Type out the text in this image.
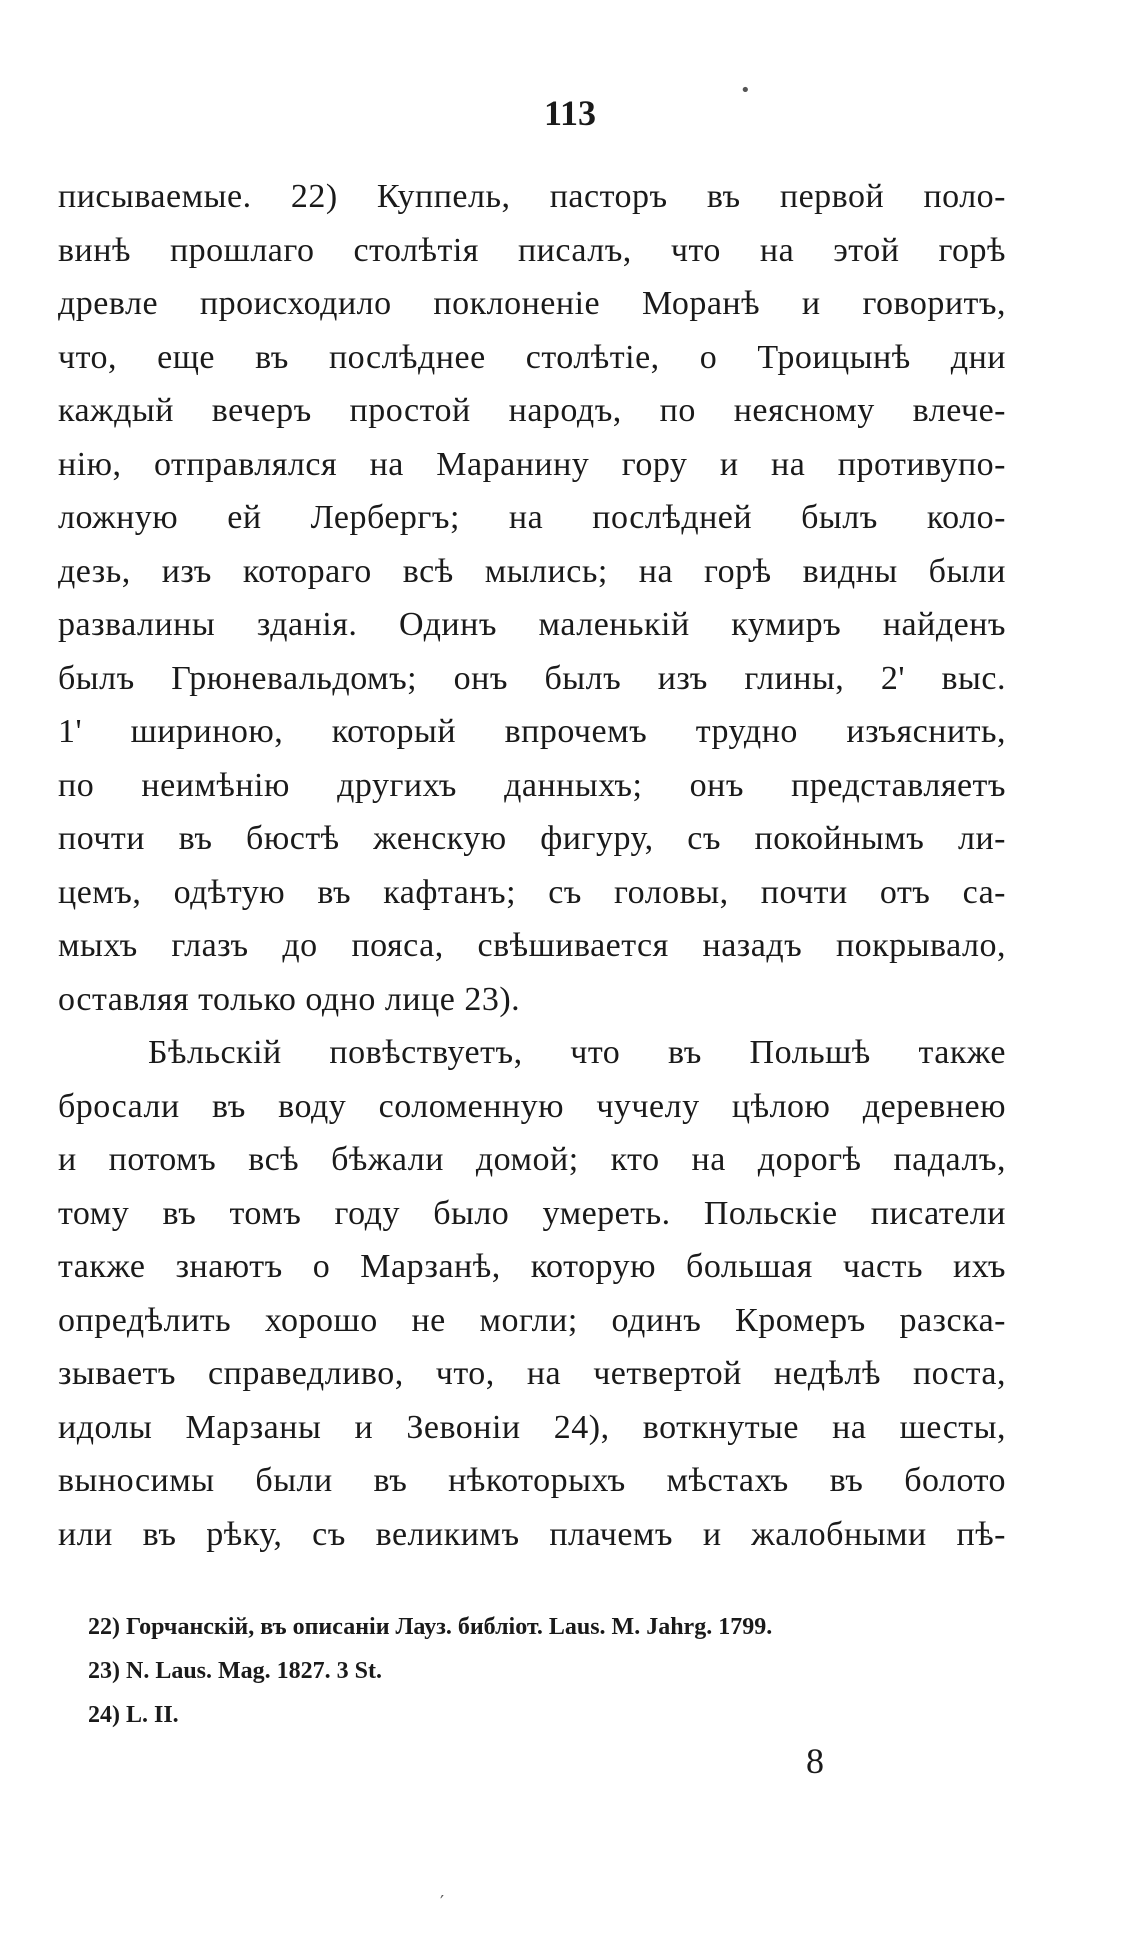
113
писываемые. 22) Куппель, пасторъ въ первой поло-
винѣ прошлаго столѣтія писалъ, что на этой горѣ
древле происходило поклоненіе Моранѣ и говоритъ,
что, еще въ послѣднее столѣтіе, о Троицынѣ дни
каждый вечеръ простой народъ, по неясному влече-
нію, отправлялся на Маранину гору и на противупо-
ложную ей Лербергъ; на послѣдней былъ коло-
дезь, изъ котораго всѣ мылись; на горѣ видны были
развалины зданія. Одинъ маленькій кумиръ найденъ
былъ Грюневальдомъ; онъ былъ изъ глины, 2' выс.
1' шириною, который впрочемъ трудно изъяснить,
по неимѣнію другихъ данныхъ; онъ представляетъ
почти въ бюстѣ женскую фигуру, съ покойнымъ ли-
цемъ, одѣтую въ кафтанъ; съ головы, почти отъ са-
мыхъ глазъ до пояса, свѣшивается назадъ покрывало,
оставляя только одно лице 23).
Бѣльскій повѣствуетъ, что въ Польшѣ также
бросали въ воду соломенную чучелу цѣлою деревнею
и потомъ всѣ бѣжали домой; кто на дорогѣ падалъ,
тому въ томъ году было умереть. Польскіе писатели
также знаютъ о Марзанѣ, которую большая часть ихъ
опредѣлить хорошо не могли; одинъ Кромеръ разска-
зываетъ справедливо, что, на четвертой недѣлѣ поста,
идолы Марзаны и Зевоніи 24), воткнутые на шесты,
выносимы были въ нѣкоторыхъ мѣстахъ въ болото
или въ рѣку, съ великимъ плачемъ и жалобными пѣ-
22) Горчанскій, въ описаніи Лауз. библіот. Laus. M. Jahrg. 1799.
23) N. Laus. Mag. 1827. 3 St.
24) L. II.
8
•
′
